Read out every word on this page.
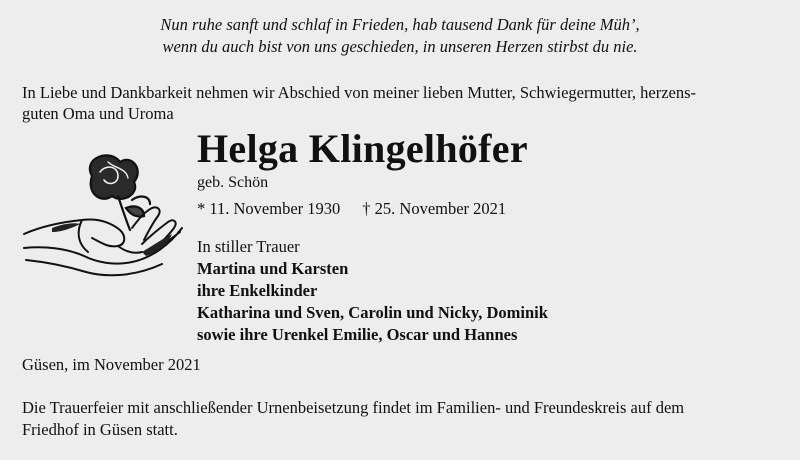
Nun ruhe sanft und schlaf in Frieden, hab tausend Dank für deine Müh’,
wenn du auch bist von uns geschieden, in unseren Herzen stirbst du nie.
In Liebe und Dankbarkeit nehmen wir Abschied von meiner lieben Mutter, Schwiegermutter, herzens-
guten Oma und Uroma
Helga Klingelhöfer
geb. Schön
* 11. November 1930 † 25. November 2021
In stiller Trauer
Martina und Karsten
ihre Enkelkinder
Katharina und Sven, Carolin und Nicky, Dominik
sowie ihre Urenkel Emilie, Oscar und Hannes
Güsen, im November 2021
Die Trauerfeier mit anschließender Urnenbeisetzung findet im Familien- und Freundeskreis auf dem
Friedhof in Güsen statt.
